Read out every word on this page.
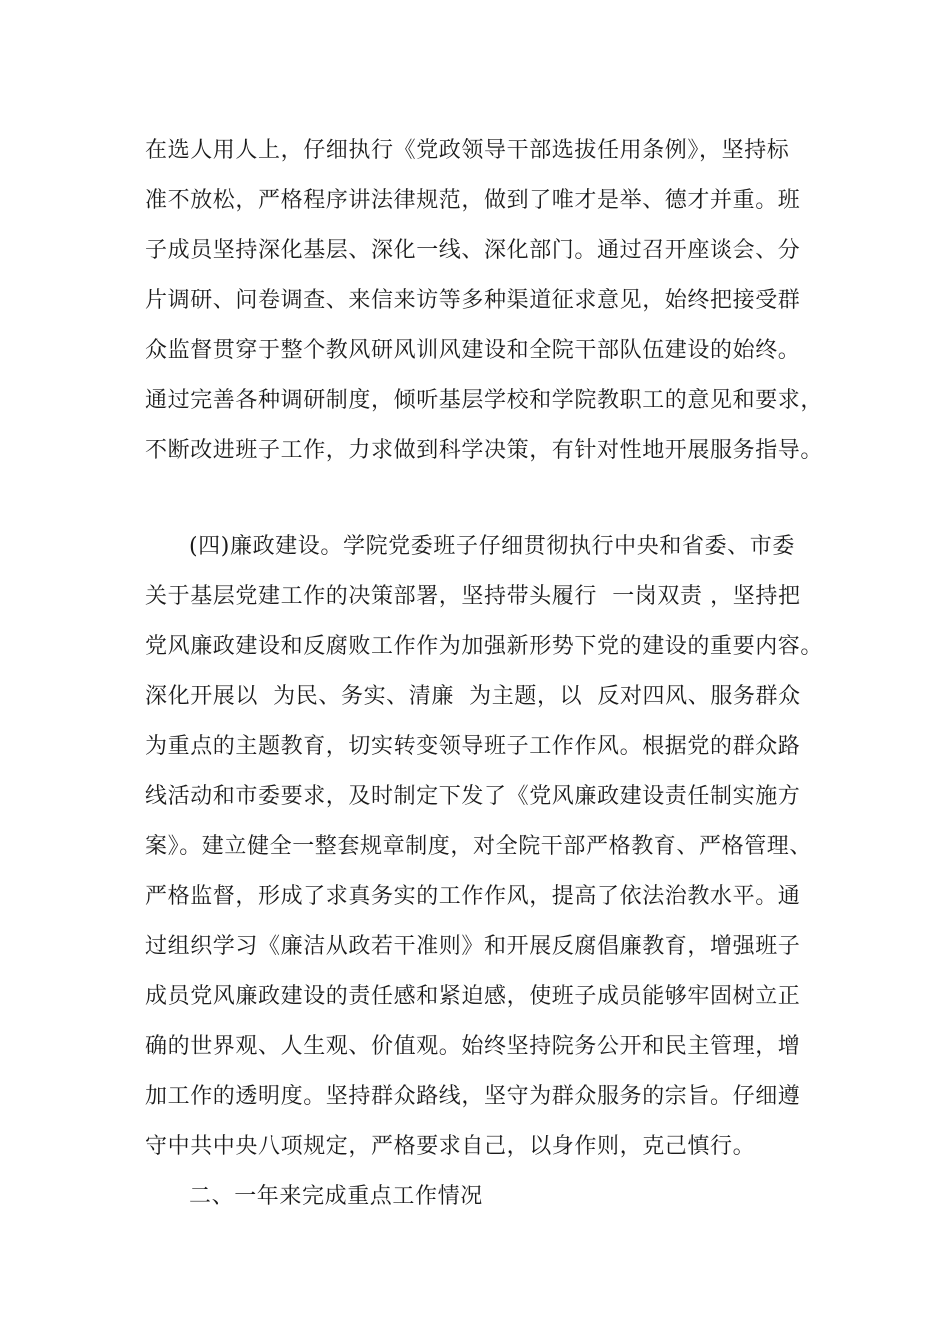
在选人用人上，仔细执行《党政领导干部选拔任用条例》，坚持标
准不放松，严格程序讲法律规范，做到了唯才是举、德才并重。班
子成员坚持深化基层、深化一线、深化部门。通过召开座谈会、分
片调研、问卷调查、来信来访等多种渠道征求意见，始终把接受群
众监督贯穿于整个教风研风训风建设和全院干部队伍建设的始终。
通过完善各种调研制度，倾听基层学校和学院教职工的意见和要求，
不断改进班子工作，力求做到科学决策，有针对性地开展服务指导。
(四)廉政建设。学院党委班子仔细贯彻执行中央和省委、市委
关于基层党建工作的决策部署，坚持带头履行  一岗双责 ，坚持把
党风廉政建设和反腐败工作作为加强新形势下党的建设的重要内容。
深化开展以  为民、务实、清廉  为主题，以  反对四风、服务群众
为重点的主题教育，切实转变领导班子工作作风。根据党的群众路
线活动和市委要求，及时制定下发了《党风廉政建设责任制实施方
案》。建立健全一整套规章制度，对全院干部严格教育、严格管理、
严格监督，形成了求真务实的工作作风，提高了依法治教水平。通
过组织学习《廉洁从政若干准则》和开展反腐倡廉教育，增强班子
成员党风廉政建设的责任感和紧迫感，使班子成员能够牢固树立正
确的世界观、人生观、价值观。始终坚持院务公开和民主管理，增
加工作的透明度。坚持群众路线，坚守为群众服务的宗旨。仔细遵
守中共中央八项规定，严格要求自己，以身作则，克己慎行。
二、一年来完成重点工作情况
